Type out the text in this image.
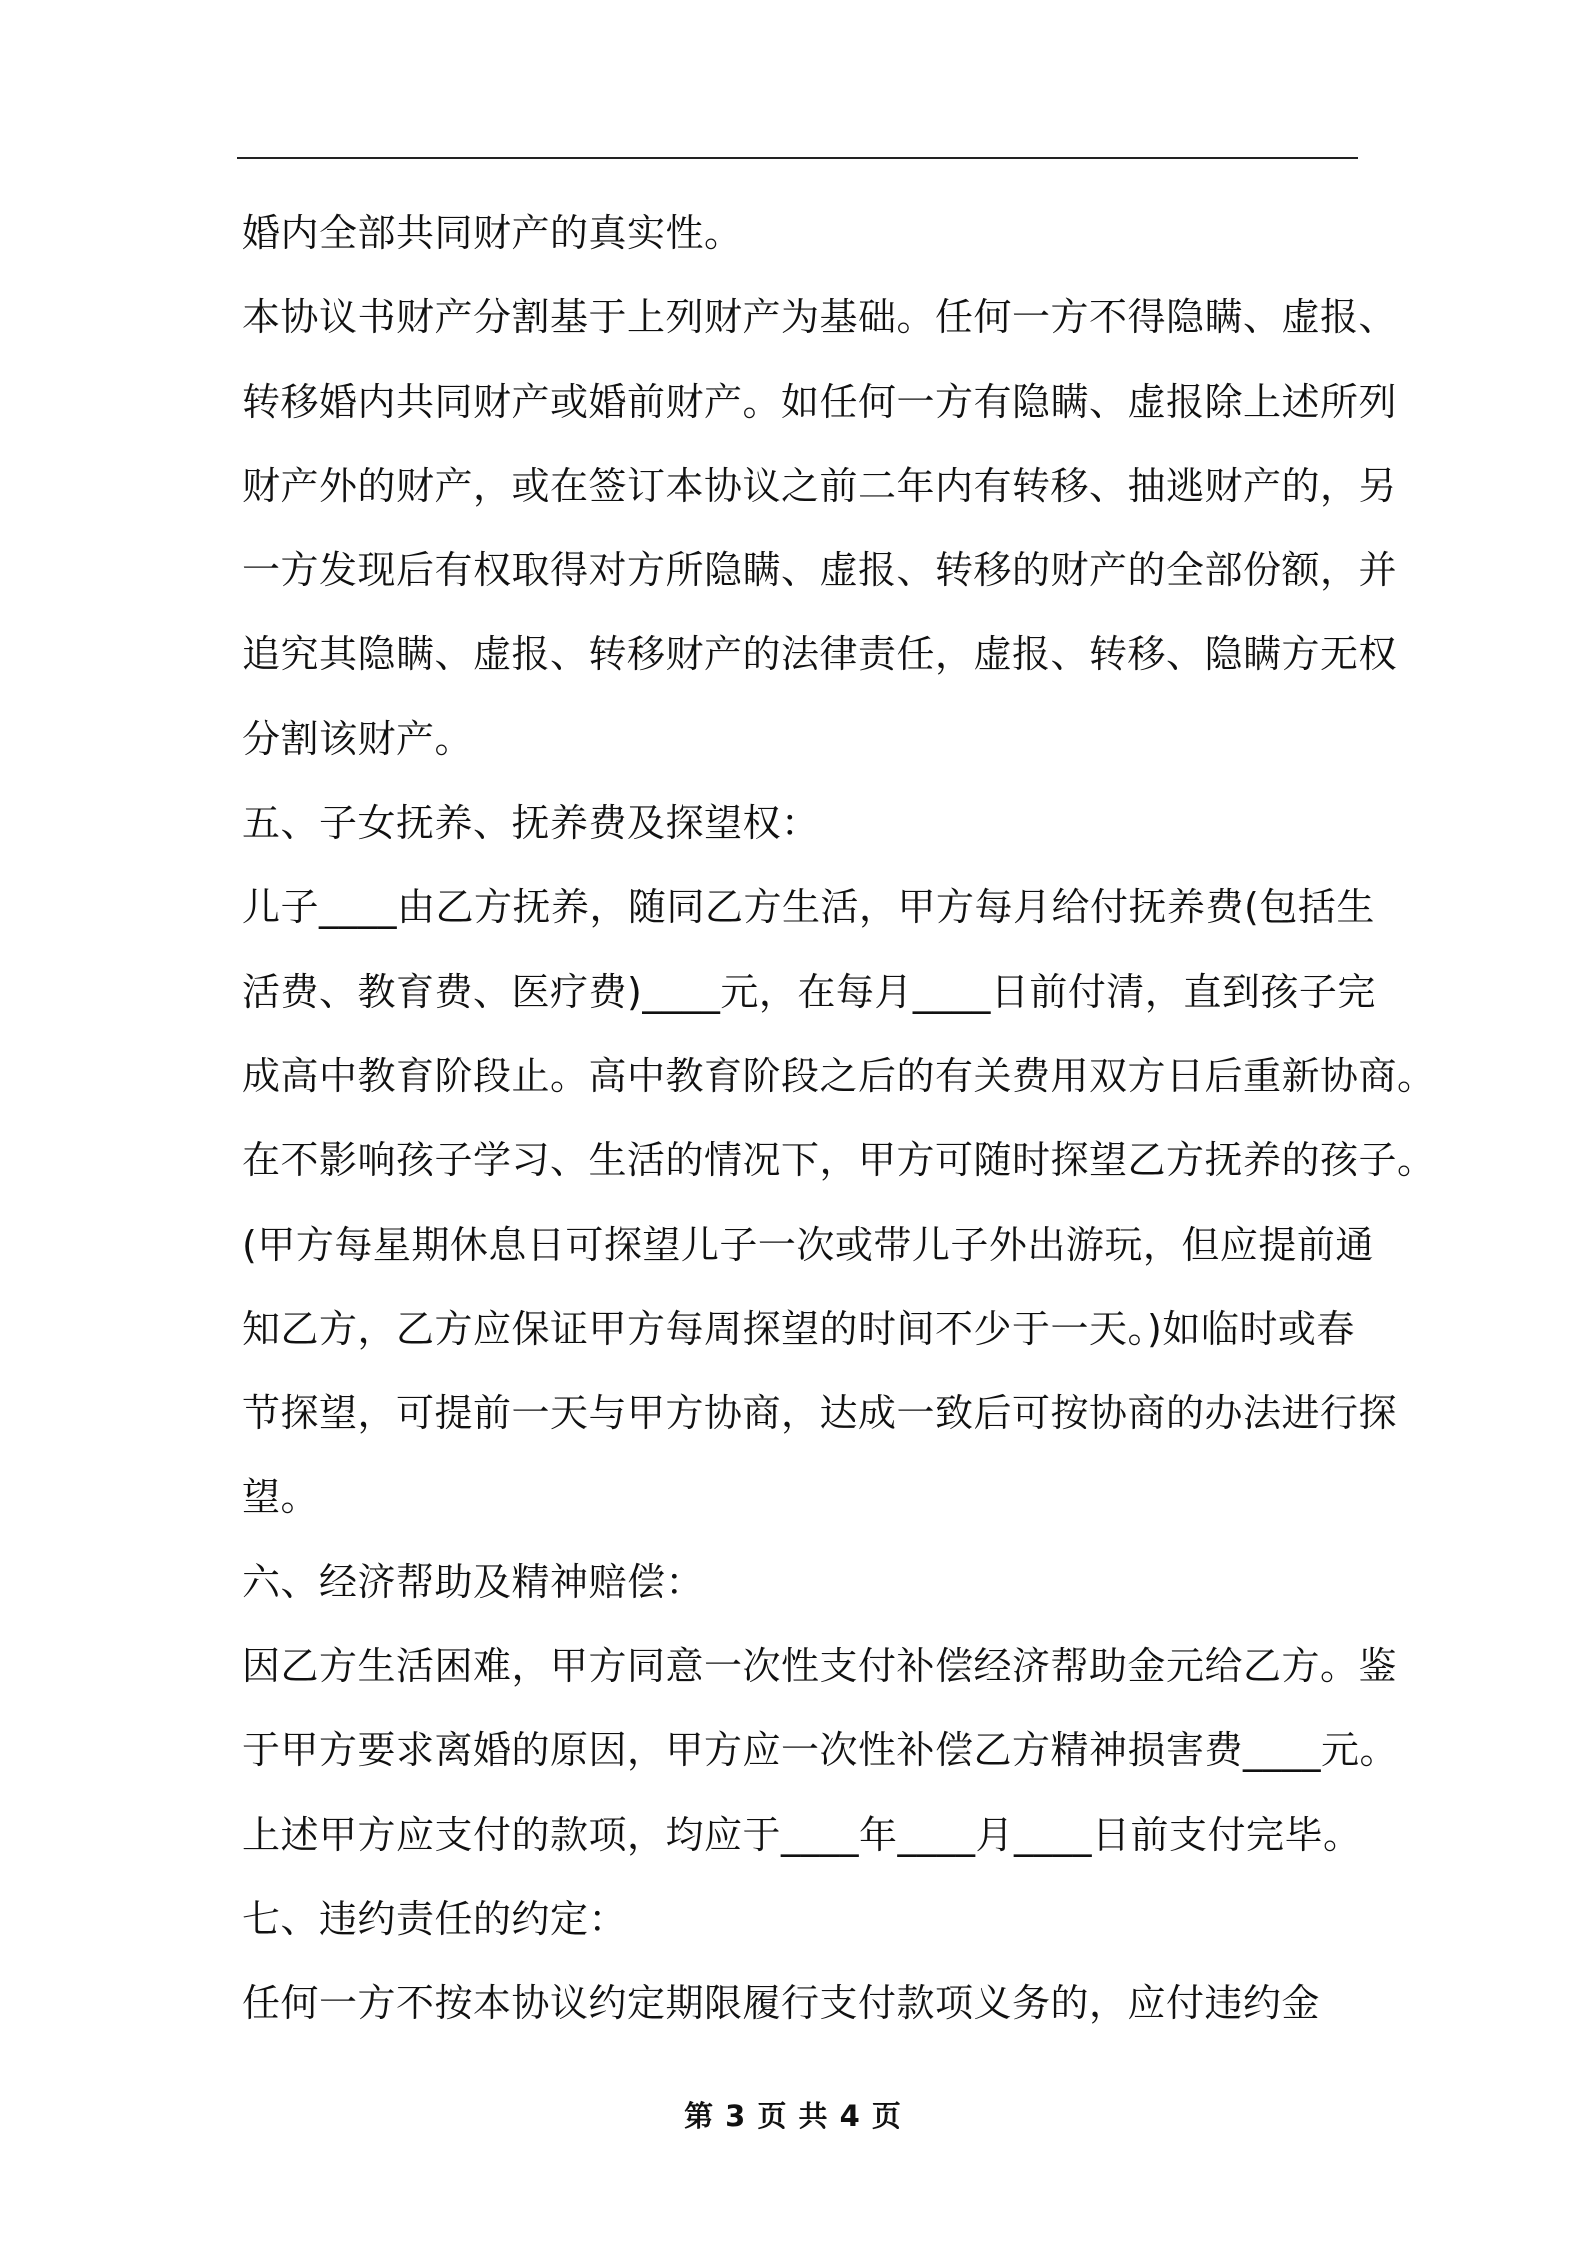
婚内全部共同财产的真实性。
本协议书财产分割基于上列财产为基础。任何一方不得隐瞒、虚报、
转移婚内共同财产或婚前财产。如任何一方有隐瞒、虚报除上述所列
财产外的财产，或在签订本协议之前二年内有转移、抽逃财产的，另
一方发现后有权取得对方所隐瞒、虚报、转移的财产的全部份额，并
追究其隐瞒、虚报、转移财产的法律责任，虚报、转移、隐瞒方无权
分割该财产。
五、子女抚养、抚养费及探望权：
儿子____由乙方抚养，随同乙方生活，甲方每月给付抚养费(包括生
活费、教育费、医疗费)____元，在每月____日前付清，直到孩子完
成高中教育阶段止。高中教育阶段之后的有关费用双方日后重新协商。
在不影响孩子学习、生活的情况下，甲方可随时探望乙方抚养的孩子。
(甲方每星期休息日可探望儿子一次或带儿子外出游玩，但应提前通
知乙方，乙方应保证甲方每周探望的时间不少于一天。)如临时或春
节探望，可提前一天与甲方协商，达成一致后可按协商的办法进行探
望。
六、经济帮助及精神赔偿：
因乙方生活困难，甲方同意一次性支付补偿经济帮助金元给乙方。鉴
于甲方要求离婚的原因，甲方应一次性补偿乙方精神损害费____元。
上述甲方应支付的款项，均应于____年____月____日前支付完毕。
七、违约责任的约定：
任何一方不按本协议约定期限履行支付款项义务的，应付违约金
第 3 页 共 4 页
